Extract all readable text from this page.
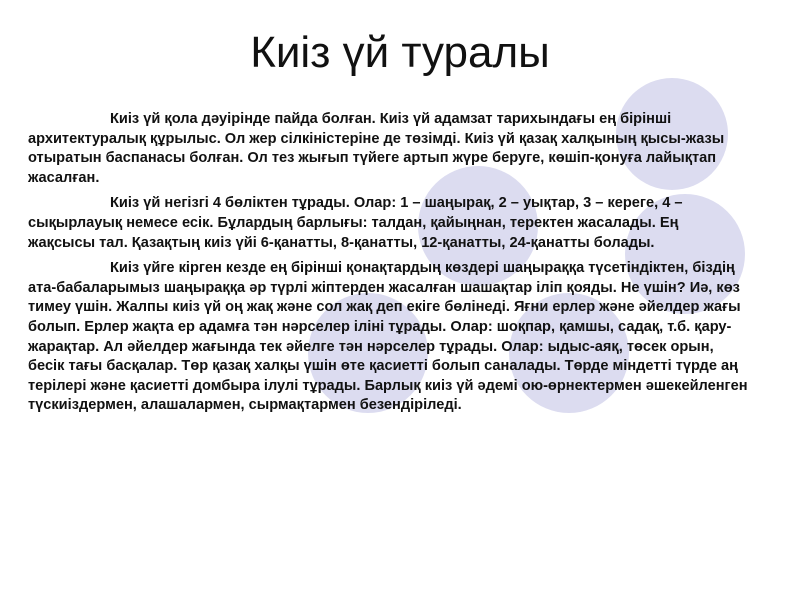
Киіз үй туралы

Киіз үй қола дәуірінде пайда болған. Киіз үй адамзат тарихындағы ең бірінші архитектуралық құрылыс. Ол жер сілкіністеріне де төзімді. Киіз үй қазақ халқының қысы-жазы отыратын баспанасы болған. Ол тез жығып түйеге артып жүре беруге, көшіп-қонуға лайықтап жасалған.

Киіз үй негізгі 4 бөліктен тұрады. Олар: 1 – шаңырақ, 2 – уықтар, 3 – кереге, 4 – сықырлауық немесе есік. Бұлардың барлығы: талдан, қайыңнан, теректен жасалады. Ең жақсысы тал. Қазақтың киіз үйі 6-қанатты, 8-қанатты, 12-қанатты, 24-қанатты болады.

Киіз үйге кірген кезде ең бірінші қонақтардың көздері шаңыраққа түсетіндіктен, біздің ата-бабаларымыз шаңыраққа әр түрлі жіптерден жасалған шашақтар іліп қояды. Не үшін? Иә, көз тимеу үшін. Жалпы киіз үй оң жақ және сол жақ деп екіге бөлінеді. Яғни ерлер және әйелдер жағы болып. Ерлер жақта ер адамға тән нәрселер іліні тұрады. Олар: шоқпар, қамшы, садақ, т.б. қару-жарақтар. Ал әйелдер жағында тек әйелге тән нәрселер тұрады. Олар: ыдыс-аяқ, төсек орын, бесік тағы басқалар. Төр қазақ халқы үшін өте қасиетті болып саналады. Төрде міндетті түрде аң терілері және қасиетті домбыра ілулі тұрады. Барлық киіз үй әдемі ою-өрнектермен әшекейленген түскиіздермен, алашалармен, сырмақтармен безендіріледі.
